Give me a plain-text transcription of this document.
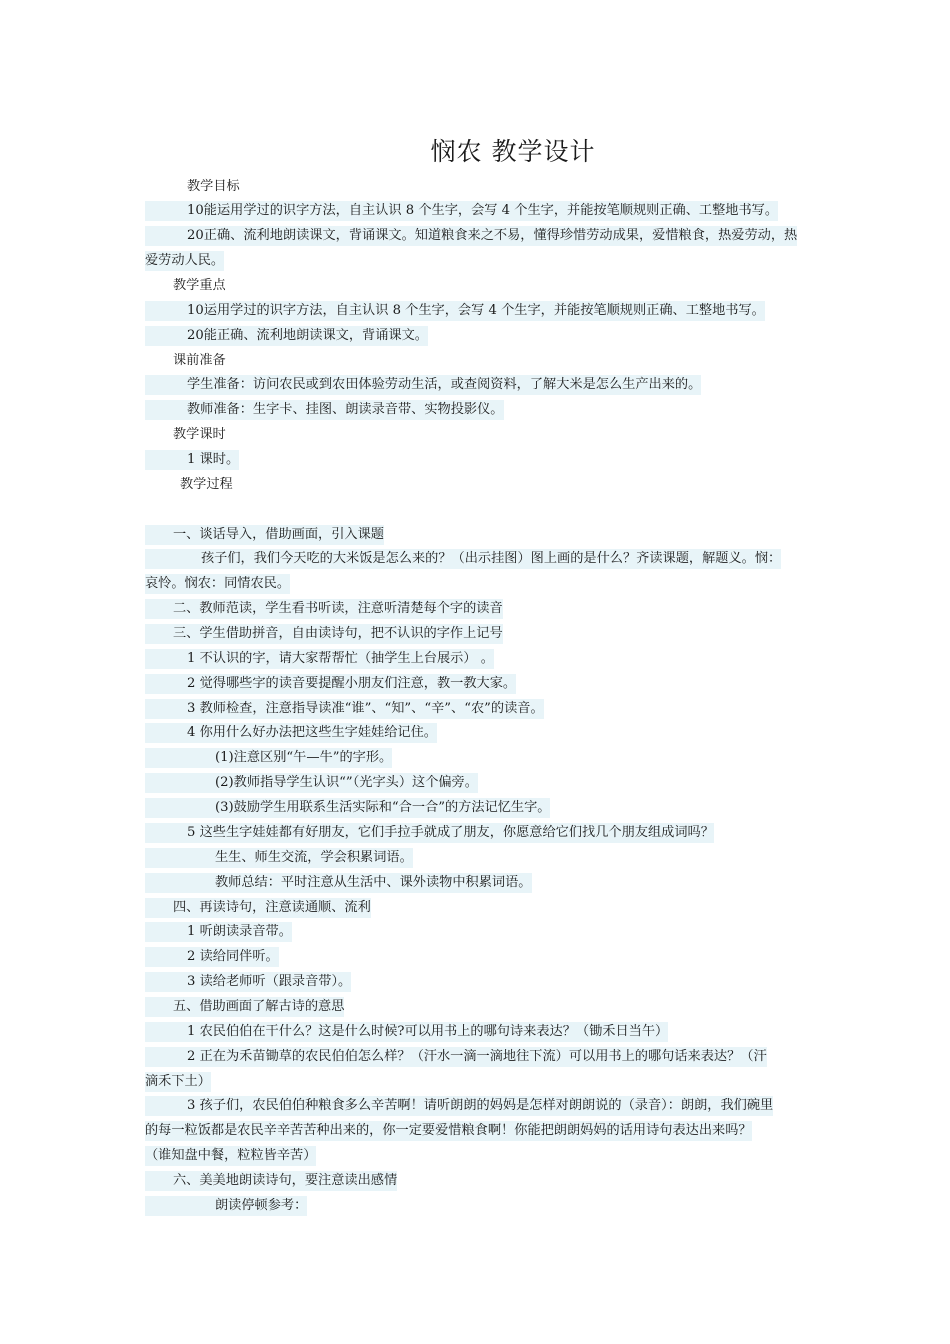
悯农 教学设计
教学目标
10能运用学过的识字方法，自主认识 8 个生字，会写 4 个生字，并能按笔顺规则正确、工整地书写。
20正确、流利地朗读课文，背诵课文。知道粮食来之不易，懂得珍惜劳动成果，爱惜粮食，热爱劳动，热
爱劳动人民。
教学重点
10运用学过的识字方法，自主认识 8 个生字，会写 4 个生字，并能按笔顺规则正确、工整地书写。
20能正确、流利地朗读课文，背诵课文。
课前准备
学生准备：访问农民或到农田体验劳动生活，或查阅资料，了解大米是怎么生产出来的。
教师准备：生字卡、挂图、朗读录音带、实物投影仪。
教学课时
1 课时。
教学过程
一、谈话导入，借助画面，引入课题
孩子们，我们今天吃的大米饭是怎么来的？（出示挂图）图上画的是什么？齐读课题，解题义。悯：
哀怜。悯农：同情农民。
二、教师范读，学生看书听读，注意听清楚每个字的读音
三、学生借助拼音，自由读诗句，把不认识的字作上记号
1 不认识的字，请大家帮帮忙（抽学生上台展示） 。
2 觉得哪些字的读音要提醒小朋友们注意，教一教大家。
3 教师检查，注意指导读准“谁”、“知”、“辛”、“农”的读音。
4 你用什么好办法把这些生字娃娃给记住。
(1)注意区别“午—牛”的字形。
(2)教师指导学生认识“”（光字头）这个偏旁。
(3)鼓励学生用联系生活实际和“合一合”的方法记忆生字。
5 这些生字娃娃都有好朋友，它们手拉手就成了朋友，你愿意给它们找几个朋友组成词吗？
生生、师生交流，学会积累词语。
教师总结：平时注意从生活中、课外读物中积累词语。
四、再读诗句，注意读通顺、流利
1 听朗读录音带。
2 读给同伴听。
3 读给老师听（跟录音带）。
五、借助画面了解古诗的意思
1 农民伯伯在干什么？这是什么时候?可以用书上的哪句诗来表达？（锄禾日当午）
2 正在为禾苗锄草的农民伯伯怎么样？（汗水一滴一滴地往下流）可以用书上的哪句话来表达？（汗
滴禾下土）
3 孩子们，农民伯伯种粮食多么辛苦啊！请听朗朗的妈妈是怎样对朗朗说的（录音）：朗朗，我们碗里
的每一粒饭都是农民辛辛苦苦种出来的，你一定要爱惜粮食啊！你能把朗朗妈妈的话用诗句表达出来吗？
（谁知盘中餐，粒粒皆辛苦）
六、美美地朗读诗句，要注意读出感情
朗读停顿参考：
